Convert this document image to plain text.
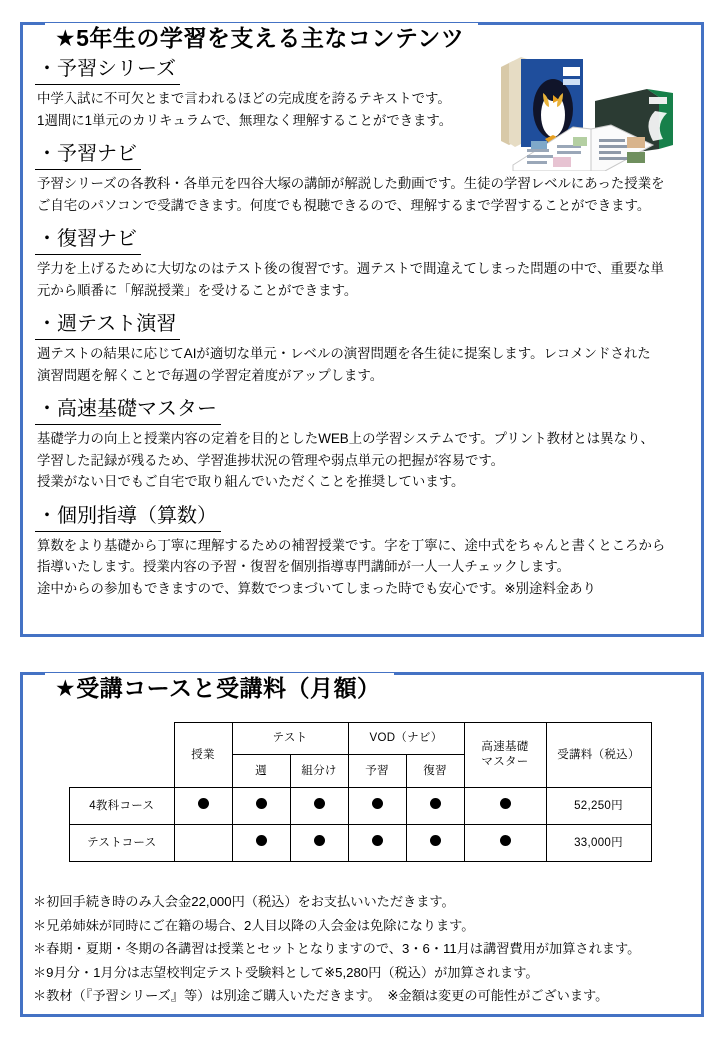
★5年生の学習を支える主なコンテンツ
・予習シリーズ

中学入試に不可欠とまで言われるほどの完成度を誇るテキストです。
1週間に1単元のカリキュラムで、無理なく理解することができます。

・予習ナビ

予習シリーズの各教科・各単元を四谷大塚の講師が解説した動画です。生徒の学習レベルにあった授業を
ご自宅のパソコンで受講できます。何度でも視聴できるので、理解するまで学習することができます。

・復習ナビ

学力を上げるために大切なのはテスト後の復習です。週テストで間違えてしまった問題の中で、重要な単
元から順番に「解説授業」を受けることができます。

・週テスト演習

週テストの結果に応じてAIが適切な単元・レベルの演習問題を各生徒に提案します。レコメンドされた
演習問題を解くことで毎週の学習定着度がアップします。

・高速基礎マスター

基礎学力の向上と授業内容の定着を目的としたWEB上の学習システムです。プリント教材とは異なり、
学習した記録が残るため、学習進捗状況の管理や弱点単元の把握が容易です。
授業がない日でもご自宅で取り組んでいただくことを推奨しています。

・個別指導（算数）

算数をより基礎から丁寧に理解するための補習授業です。字を丁寧に、途中式をちゃんと書くところから
指導いたします。授業内容の予習・復習を個別指導専門講師が一人一人チェックします。
途中からの参加もできますので、算数でつまづいてしまった時でも安心です。※別途料金あり

★受講コースと受講料（月額）
	授業	テスト		VOD（ナビ）		高速基礎
マスター	受講料（税込）
		週	組分け	予習	復習		
4教科コース							52,250円
テストコース							33,000円
＊初回手続き時のみ入会金22,000円（税込）をお支払いいただきます。
＊兄弟姉妹が同時にご在籍の場合、2人目以降の入会金は免除になります。
＊春期・夏期・冬期の各講習は授業とセットとなりますので、3・6・11月は講習費用が加算されます。
＊9月分・1月分は志望校判定テスト受験料として※5,280円（税込）が加算されます。
＊教材（『予習シリーズ』等）は別途ご購入いただきます。　※金額は変更の可能性がございます。
